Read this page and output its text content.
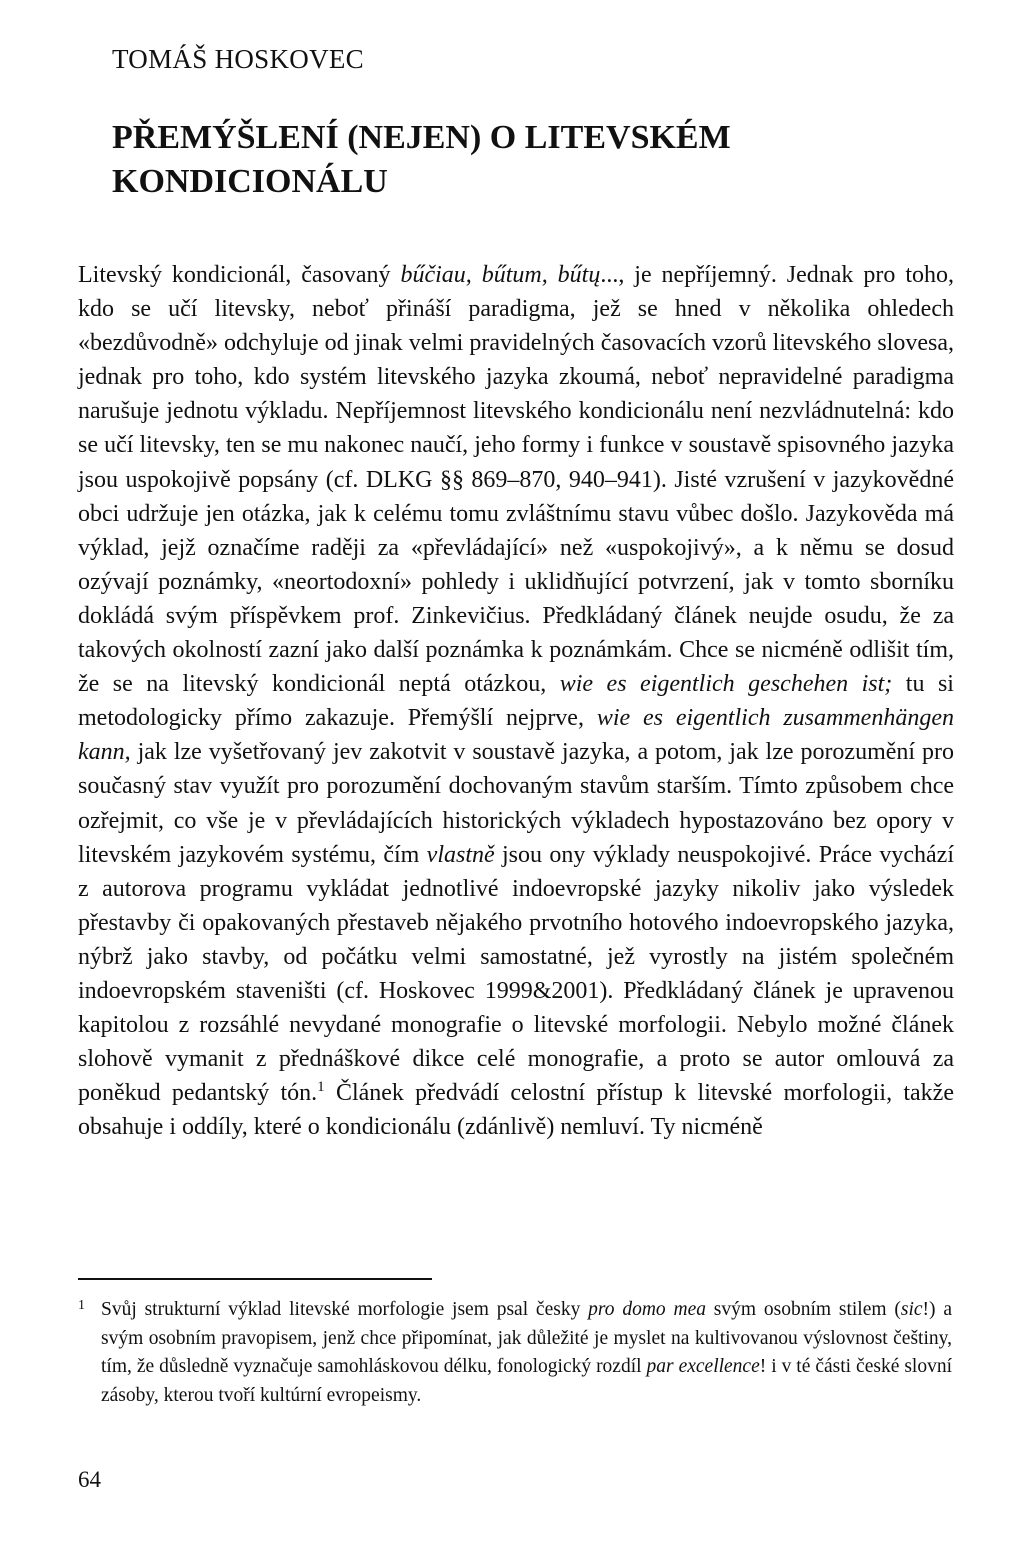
TOMÁŠ HOSKOVEC
PŘEMÝŠLENÍ (NEJEN) O LITEVSKÉM
KONDICIONÁLU

Litevský kondicionál, časovaný bűčiau, bűtum, bűtų..., je nepříjemný. Jednak pro toho, kdo se učí litevsky, neboť přináší paradigma, jež se hned v několika ohledech «bezdůvodně» odchyluje od jinak velmi pravidelných časovacích vzorů litevského slovesa, jednak pro toho, kdo systém litevského jazyka zkoumá, neboť nepravidelné paradigma narušuje jednotu výkladu. Nepříjemnost litevského kondicionálu není nezvládnutelná: kdo se učí litevsky, ten se mu nakonec naučí, jeho formy i funkce v soustavě spisovného jazyka jsou uspokojivě popsány (cf. DLKG §§ 869–870, 940–941). Jisté vzrušení v jazykovědné obci udržuje jen otázka, jak k celému tomu zvláštnímu stavu vůbec došlo. Jazykověda má výklad, jejž označíme raději za «převládající» než «uspokojivý», a k němu se dosud ozývají poznámky, «neortodoxní» pohledy i uklidňující potvrzení, jak v tomto sborníku dokládá svým příspěvkem prof. Zinkevičius. Předkládaný článek neujde osudu, že za takových okolností zazní jako další poznámka k poznámkám. Chce se nicméně odlišit tím, že se na litevský kondicionál neptá otázkou, wie es eigentlich geschehen ist; tu si metodologicky přímo zakazuje. Přemýšlí nejprve, wie es eigentlich zusammenhängen kann, jak lze vyšetřovaný jev zakotvit v soustavě jazyka, a potom, jak lze porozumění pro současný stav využít pro porozumění dochovaným stavům starším. Tímto způsobem chce ozřejmit, co vše je v převládajících historických výkladech hypostazováno bez opory v litevském jazykovém systému, čím vlastně jsou ony výklady neuspokojivé. Práce vychází z autorova programu vykládat jednotlivé indoevropské jazyky nikoliv jako výsledek přestavby či opakovaných přestaveb nějakého prvotního hotového indoevropského jazyka, nýbrž jako stavby, od počátku velmi samostatné, jež vyrostly na jistém společném indoevropském staveništi (cf. Hoskovec 1999&2001). Předkládaný článek je upravenou kapitolou z rozsáhlé nevydané monografie o litevské morfologii. Nebylo možné článek slohově vymanit z přednáškové dikce celé monografie, a proto se autor omlouvá za poněkud pedantský tón.$^1$ Článek předvádí celostní přístup k litevské morfologii, takže obsahuje i oddíly, které o kondicionálu (zdánlivě) nemluví. Ty nicméně

1 Svůj strukturní výklad litevské morfologie jsem psal česky pro domo mea svým osobním stilem (sic!) a svým osobním pravopisem, jenž chce připomínat, jak důležité je myslet na kultivovanou výslovnost češtiny, tím, že důsledně vyznačuje samohláskovou délku, fonologický rozdíl par excellence! i v té části české slovní zásoby, kterou tvoří kultúrní evropeismy.

64
